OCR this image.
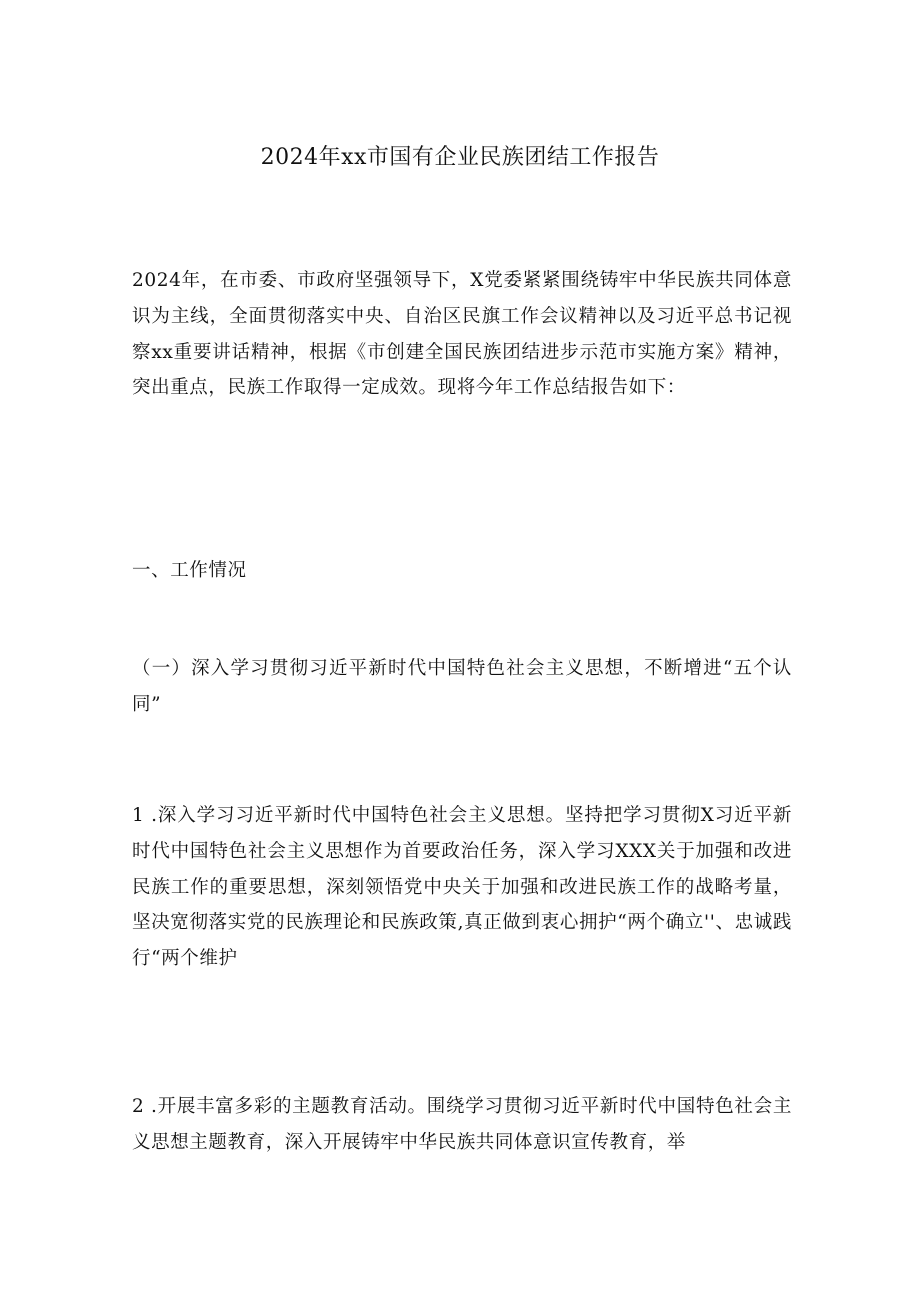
2024年xx市国有企业民族团结工作报告

2024年，在市委、市政府坚强领导下，X党委紧紧围绕铸牢中华民族共同体意识为主线，全面贯彻落实中央、自治区民旗工作会议精神以及习近平总书记视察xx重要讲话精神，根据《市创建全国民族团结进步示范市实施方案》精神，突出重点，民族工作取得一定成效。现将今年工作总结报告如下：

一、工作情况

（一）深入学习贯彻习近平新时代中国特色社会主义思想，不断增进“五个认同”

1 .深入学习习近平新时代中国特色社会主义思想。坚持把学习贯彻X习近平新时代中国特色社会主义思想作为首要政治任务，深入学习XXX关于加强和改进民族工作的重要思想，深刻领悟党中央关于加强和改进民族工作的战略考量，坚决宽彻落实党的民族理论和民族政策,真正做到衷心拥护“两个确立''、忠诚践行“两个维护

2 .开展丰富多彩的主题教育活动。围绕学习贯彻习近平新时代中国特色社会主义思想主题教育，深入开展铸牢中华民族共同体意识宣传教育，举
